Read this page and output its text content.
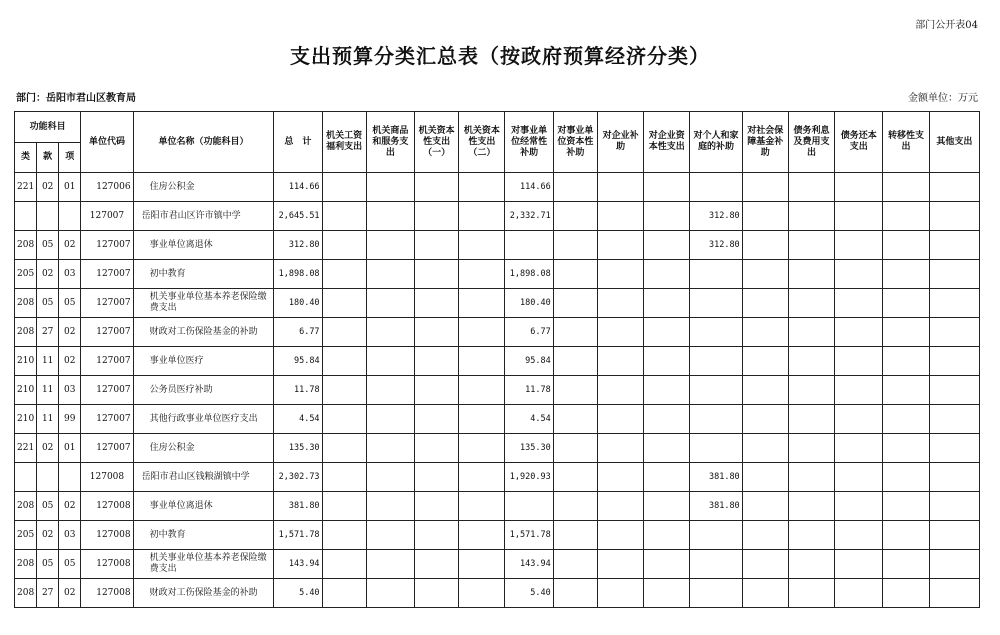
部门公开表04
支出预算分类汇总表（按政府预算经济分类）
部门：岳阳市君山区教育局	金额单位：万元
功能科目			单位代码	单位名称（功能科目）	总　计	机关工资福利支出	机关商品和服务支出	机关资本性支出（一）	机关资本性支出（二）	对事业单位经常性补助	对事业单位资本性补助	对企业补助	对企业资本性支出	对个人和家庭的补助	对社会保障基金补助	债务利息及费用支出	债务还本支出	转移性支出	其他支出
类	款	项																	
221	02	01	127006	住房公积金	114.66					114.66									
			127007	岳阳市君山区许市镇中学	2,645.51					2,332.71				312.80					
208	05	02	127007	事业单位离退休	312.80									312.80					
205	02	03	127007	初中教育	1,898.08					1,898.08									
208	05	05	127007	机关事业单位基本养老保险缴费支出	180.40					180.40									
208	27	02	127007	财政对工伤保险基金的补助	6.77					6.77									
210	11	02	127007	事业单位医疗	95.84					95.84									
210	11	03	127007	公务员医疗补助	11.78					11.78									
210	11	99	127007	其他行政事业单位医疗支出	4.54					4.54									
221	02	01	127007	住房公积金	135.30					135.30									
			127008	岳阳市君山区钱粮湖镇中学	2,302.73					1,920.93				381.80					
208	05	02	127008	事业单位离退休	381.80									381.80					
205	02	03	127008	初中教育	1,571.78					1,571.78									
208	05	05	127008	机关事业单位基本养老保险缴费支出	143.94					143.94									
208	27	02	127008	财政对工伤保险基金的补助	5.40					5.40									
